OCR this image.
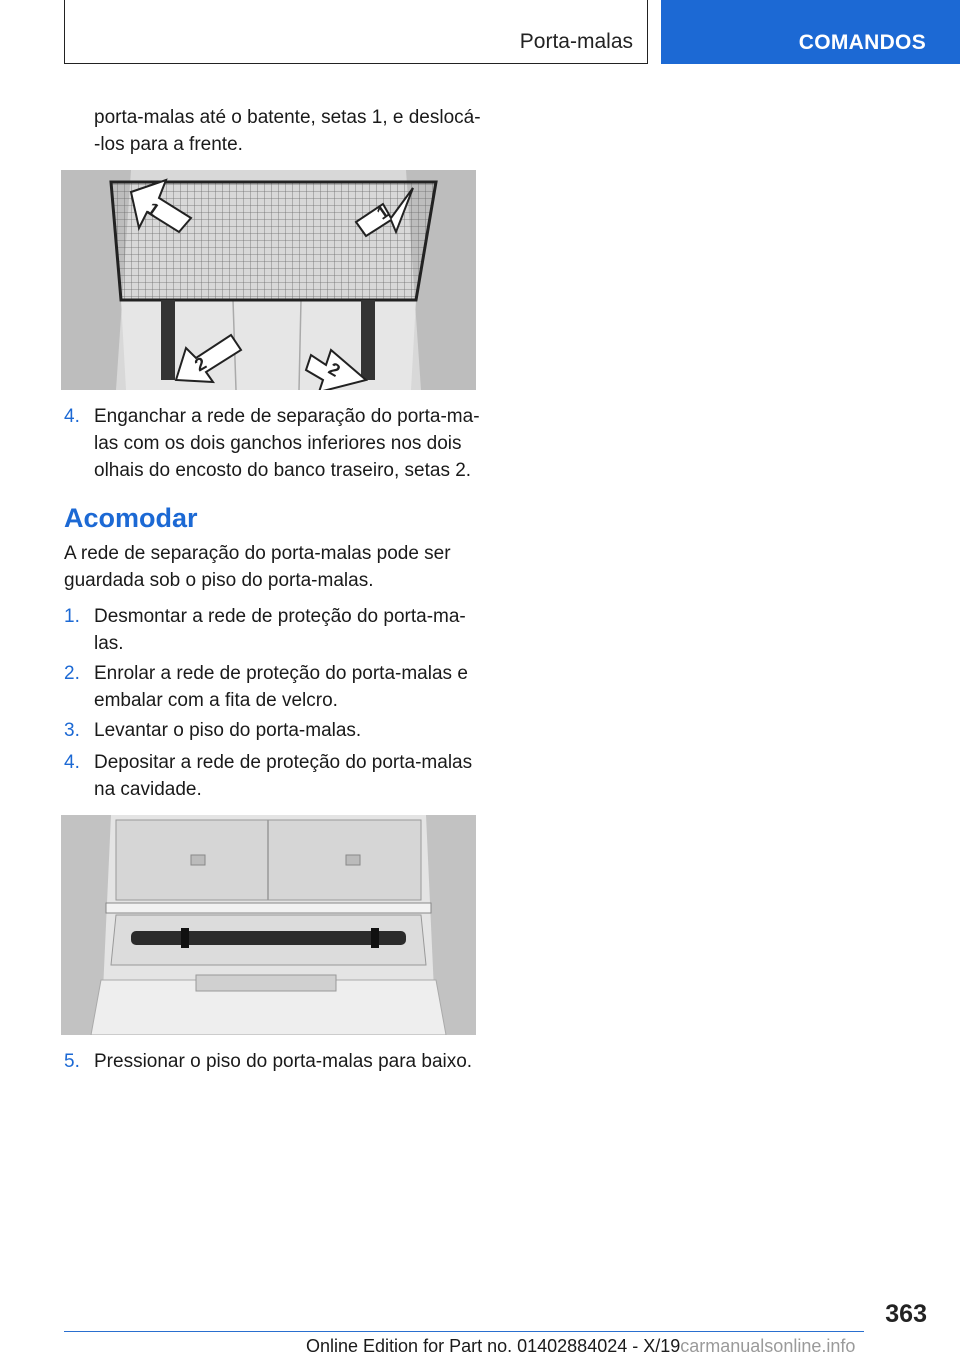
Porta-malas	COMANDOS

porta-malas até o batente, setas 1, e deslocá-
-los para a frente.

1	1
2	2
4. Enganchar a rede de separação do porta-ma-las com os dois ganchos inferiores nos dois olhais do encosto do banco traseiro, setas 2.
Acomodar

A rede de separação do porta-malas pode ser guardada sob o piso do porta-malas.

1. Desmontar a rede de proteção do porta-ma-las.
2. Enrolar a rede de proteção do porta-malas e embalar com a fita de velcro.
3. Levantar o piso do porta-malas.
4. Depositar a rede de proteção do porta-malas na cavidade.
5. Pressionar o piso do porta-malas para baixo.
363
Online Edition for Part no. 01402884024 - X/19carmanualsonline.info
